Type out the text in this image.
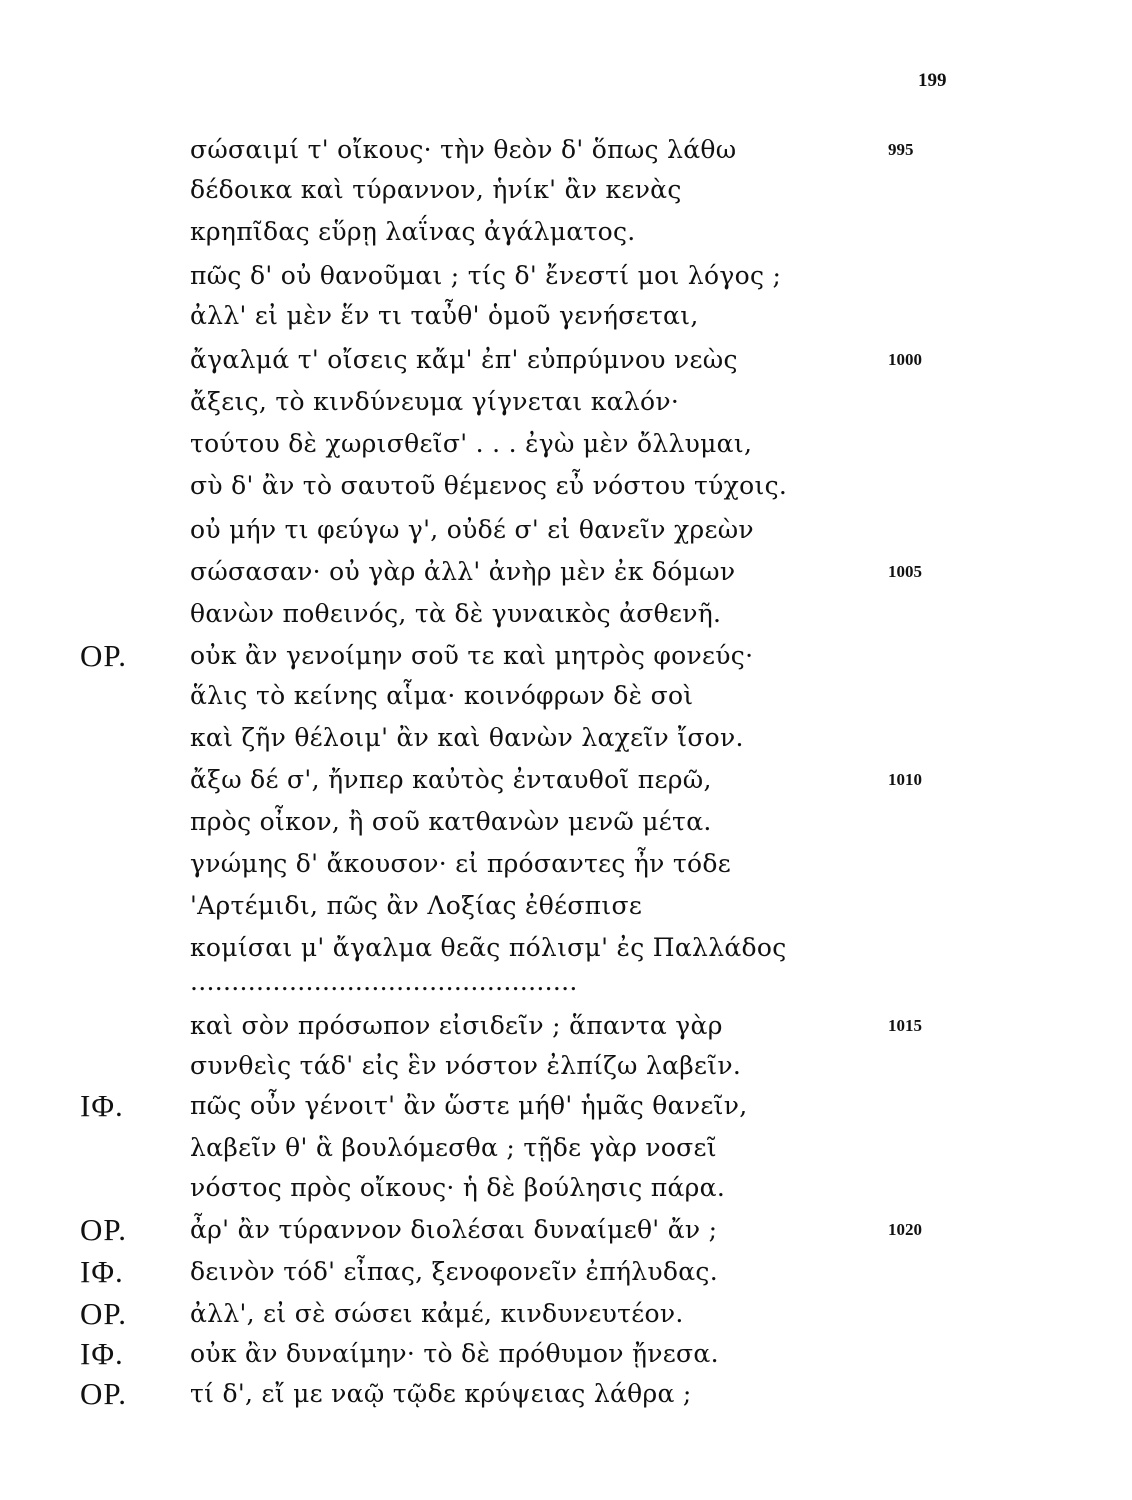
199
σώσαιμί τ' οἴκους· τὴν θεὸν δ' ὅπως λάθω	995
δέδοικα καὶ τύραννον, ἡνίκ' ἂν κενὰς
κρηπῖδας εὕρῃ λαΐνας ἀγάλματος.
πῶς δ' οὐ θανοῦμαι ; τίς δ' ἔνεστί μοι λόγος ;
ἀλλ' εἰ μὲν ἕν τι ταὖθ' ὁμοῦ γενήσεται,
ἄγαλμά τ' οἴσεις κἄμ' ἐπ' εὐπρύμνου νεὼς	1000
ἄξεις, τὸ κινδύνευμα γίγνεται καλόν·
τούτου δὲ χωρισθεῖσ' . . . ἐγὼ μὲν ὄλλυμαι,
σὺ δ' ἂν τὸ σαυτοῦ θέμενος εὖ νόστου τύχοις.
οὐ μήν τι φεύγω γ', οὐδέ σ' εἰ θανεῖν χρεὼν
σώσασαν· οὐ γὰρ ἀλλ' ἀνὴρ μὲν ἐκ δόμων	1005
θανὼν ποθεινός, τὰ δὲ γυναικὸς ἀσθενῆ.
ΟΡ.	οὐκ ἂν γενοίμην σοῦ τε καὶ μητρὸς φονεύς·
ἅλις τὸ κείνης αἷμα· κοινόφρων δὲ σοὶ
καὶ ζῆν θέλοιμ' ἂν καὶ θανὼν λαχεῖν ἴσον.
ἄξω δέ σ', ἤνπερ καὐτὸς ἐνταυθοῖ περῶ,	1010
πρὸς οἶκον, ἢ σοῦ κατθανὼν μενῶ μέτα.
γνώμης δ' ἄκουσον· εἰ πρόσαντες ἦν τόδε
'Αρτέμιδι, πῶς ἂν Λοξίας ἐθέσπισε
κομίσαι μ' ἄγαλμα θεᾶς πόλισμ' ἐς Παλλάδος
...............................................
καὶ σὸν πρόσωπον εἰσιδεῖν ; ἅπαντα γὰρ	1015
συνθεὶς τάδ' εἰς ἓν νόστον ἐλπίζω λαβεῖν.
ΙΦ.	πῶς οὖν γένοιτ' ἂν ὥστε μήθ' ἡμᾶς θανεῖν,
λαβεῖν θ' ἃ βουλόμεσθα ; τῇδε γὰρ νοσεῖ
νόστος πρὸς οἴκους· ἡ δὲ βούλησις πάρα.
ΟΡ.	ἆρ' ἂν τύραννον διολέσαι δυναίμεθ' ἄν ;	1020
ΙΦ.	δεινὸν τόδ' εἶπας, ξενοφονεῖν ἐπήλυδας.
ΟΡ.	ἀλλ', εἰ σὲ σώσει κἀμέ, κινδυνευτέον.
ΙΦ.	οὐκ ἂν δυναίμην· τὸ δὲ πρόθυμον ᾔνεσα.
ΟΡ.	τί δ', εἴ με ναῷ τῷδε κρύψειας λάθρα ;
